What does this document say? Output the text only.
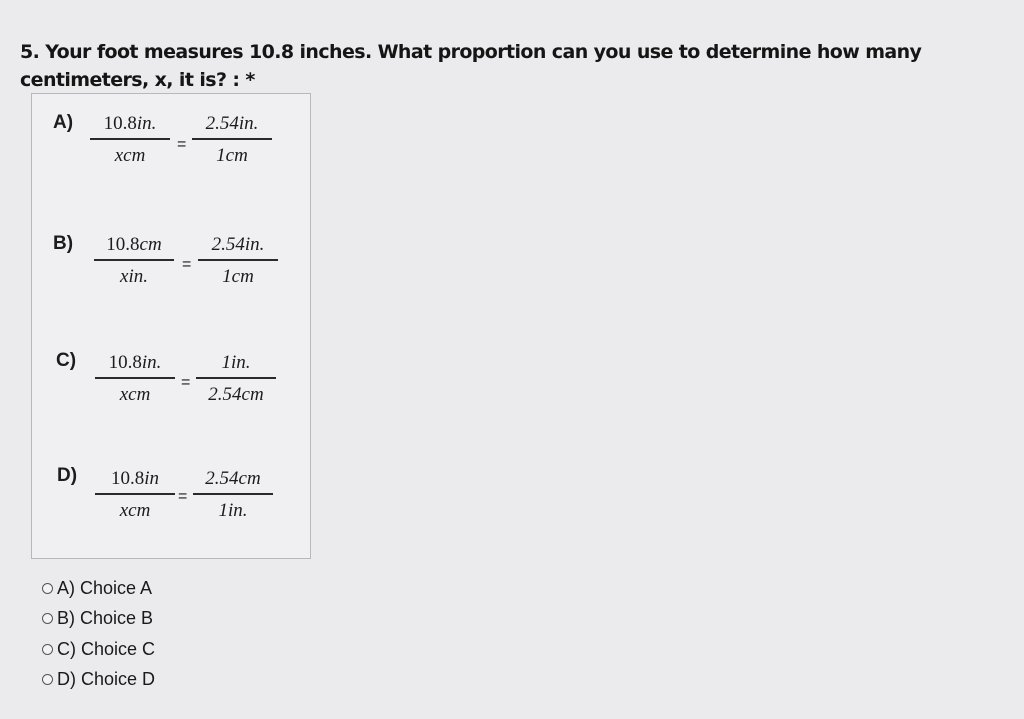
5. Your foot measures 10.8 inches. What proportion can you use to determine how many
centimeters, x, it is? : *
A)	10.8in.
xcm	=
2.54in.
1cm
B)	10.8cm
xin.
=
2.54in.
1cm
C)	10.8in.
xcm
=
1in.
2.54cm
D)	10.8in
xcm
=
2.54cm
1in.
A) Choice A
B) Choice B
C) Choice C
D) Choice D
